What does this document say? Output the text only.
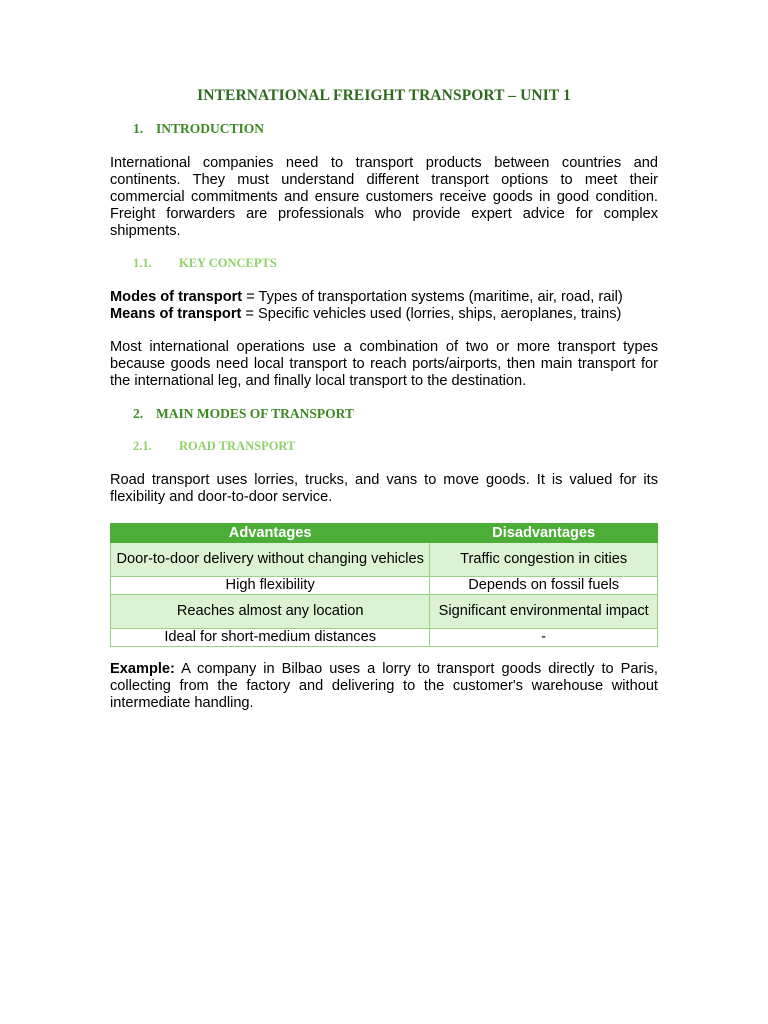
INTERNATIONAL FREIGHT TRANSPORT – UNIT 1
1. INTRODUCTION

International companies need to transport products between countries and continents. They must understand different transport options to meet their commercial commitments and ensure customers receive goods in good condition. Freight forwarders are professionals who provide expert advice for complex shipments.

1.1. KEY CONCEPTS

Modes of transport = Types of transportation systems (maritime, air, road, rail)
Means of transport = Specific vehicles used (lorries, ships, aeroplanes, trains)

Most international operations use a combination of two or more transport types because goods need local transport to reach ports/airports, then main transport for the international leg, and finally local transport to the destination.

2. MAIN MODES OF TRANSPORT
2.1. ROAD TRANSPORT

Road transport uses lorries, trucks, and vans to move goods. It is valued for its flexibility and door-to-door service.

Advantages	Disadvantages
Door-to-door delivery without changing vehicles	Traffic congestion in cities
High flexibility	Depends on fossil fuels
Reaches almost any location	Significant environmental impact
Ideal for short-medium distances	-

Example: A company in Bilbao uses a lorry to transport goods directly to Paris, collecting from the factory and delivering to the customer's warehouse without intermediate handling.
